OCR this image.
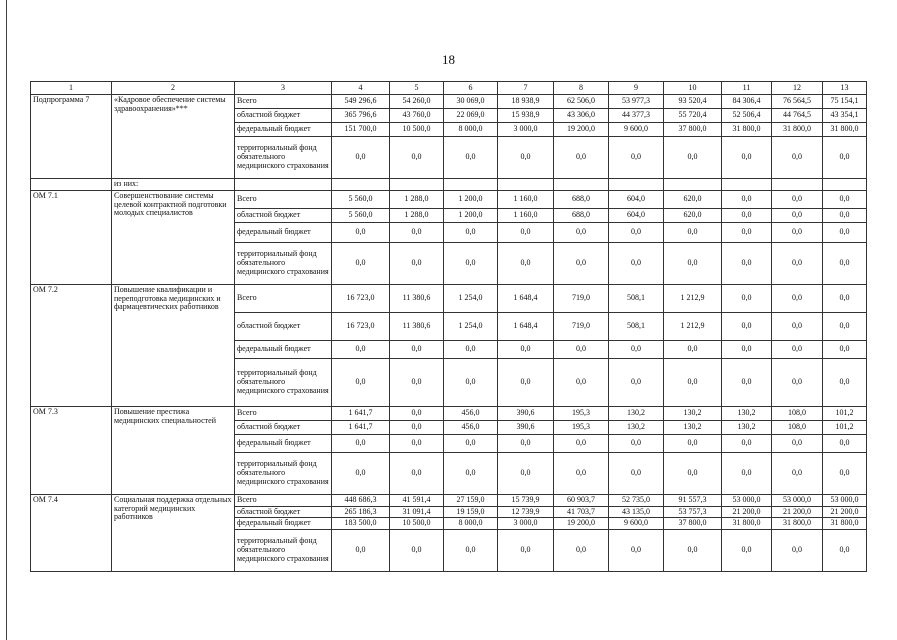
18
1	2	3	4	5	6	7	8	9	10	11	12	13
Подпрограмма 7	«Кадровое обеспечение системы здравоохранения»***	Всего	549 296,6	54 260,0	30 069,0	18 938,9	62 506,0	53 977,3	93 520,4	84 306,4	76 564,5	75 154,1
		областной бюджет	365 796,6	43 760,0	22 069,0	15 938,9	43 306,0	44 377,3	55 720,4	52 506,4	44 764,5	43 354,1
		федеральный бюджет	151 700,0	10 500,0	8 000,0	3 000,0	19 200,0	9 600,0	37 800,0	31 800,0	31 800,0	31 800,0
		территориальный фонд обязательного медицинского страхования	0,0	0,0	0,0	0,0	0,0	0,0	0,0	0,0	0,0	0,0
	из них:											
ОМ 7.1	Совершенствование системы целевой контрактной подготовки молодых специалистов	Всего	5 560,0	1 288,0	1 200,0	1 160,0	688,0	604,0	620,0	0,0	0,0	0,0
		областной бюджет	5 560,0	1 288,0	1 200,0	1 160,0	688,0	604,0	620,0	0,0	0,0	0,0
		федеральный бюджет	0,0	0,0	0,0	0,0	0,0	0,0	0,0	0,0	0,0	0,0
		территориальный фонд обязательного медицинского страхования	0,0	0,0	0,0	0,0	0,0	0,0	0,0	0,0	0,0	0,0
ОМ 7.2	Повышение квалификации и переподготовка медицинских и фармацевтических работников	Всего	16 723,0	11 380,6	1 254,0	1 648,4	719,0	508,1	1 212,9	0,0	0,0	0,0
		областной бюджет	16 723,0	11 380,6	1 254,0	1 648,4	719,0	508,1	1 212,9	0,0	0,0	0,0
		федеральный бюджет	0,0	0,0	0,0	0,0	0,0	0,0	0,0	0,0	0,0	0,0
		территориальный фонд обязательного медицинского страхования	0,0	0,0	0,0	0,0	0,0	0,0	0,0	0,0	0,0	0,0
ОМ 7.3	Повышение престижа медицинских специальностей	Всего	1 641,7	0,0	456,0	390,6	195,3	130,2	130,2	130,2	108,0	101,2
		областной бюджет	1 641,7	0,0	456,0	390,6	195,3	130,2	130,2	130,2	108,0	101,2
		федеральный бюджет	0,0	0,0	0,0	0,0	0,0	0,0	0,0	0,0	0,0	0,0
		территориальный фонд обязательного медицинского страхования	0,0	0,0	0,0	0,0	0,0	0,0	0,0	0,0	0,0	0,0
ОМ 7.4	Социальная поддержка отдельных категорий медицинских работников	Всего	448 686,3	41 591,4	27 159,0	15 739,9	60 903,7	52 735,0	91 557,3	53 000,0	53 000,0	53 000,0
		областной бюджет	265 186,3	31 091,4	19 159,0	12 739,9	41 703,7	43 135,0	53 757,3	21 200,0	21 200,0	21 200,0
		федеральный бюджет	183 500,0	10 500,0	8 000,0	3 000,0	19 200,0	9 600,0	37 800,0	31 800,0	31 800,0	31 800,0
		территориальный фонд обязательного медицинского страхования	0,0	0,0	0,0	0,0	0,0	0,0	0,0	0,0	0,0	0,0
